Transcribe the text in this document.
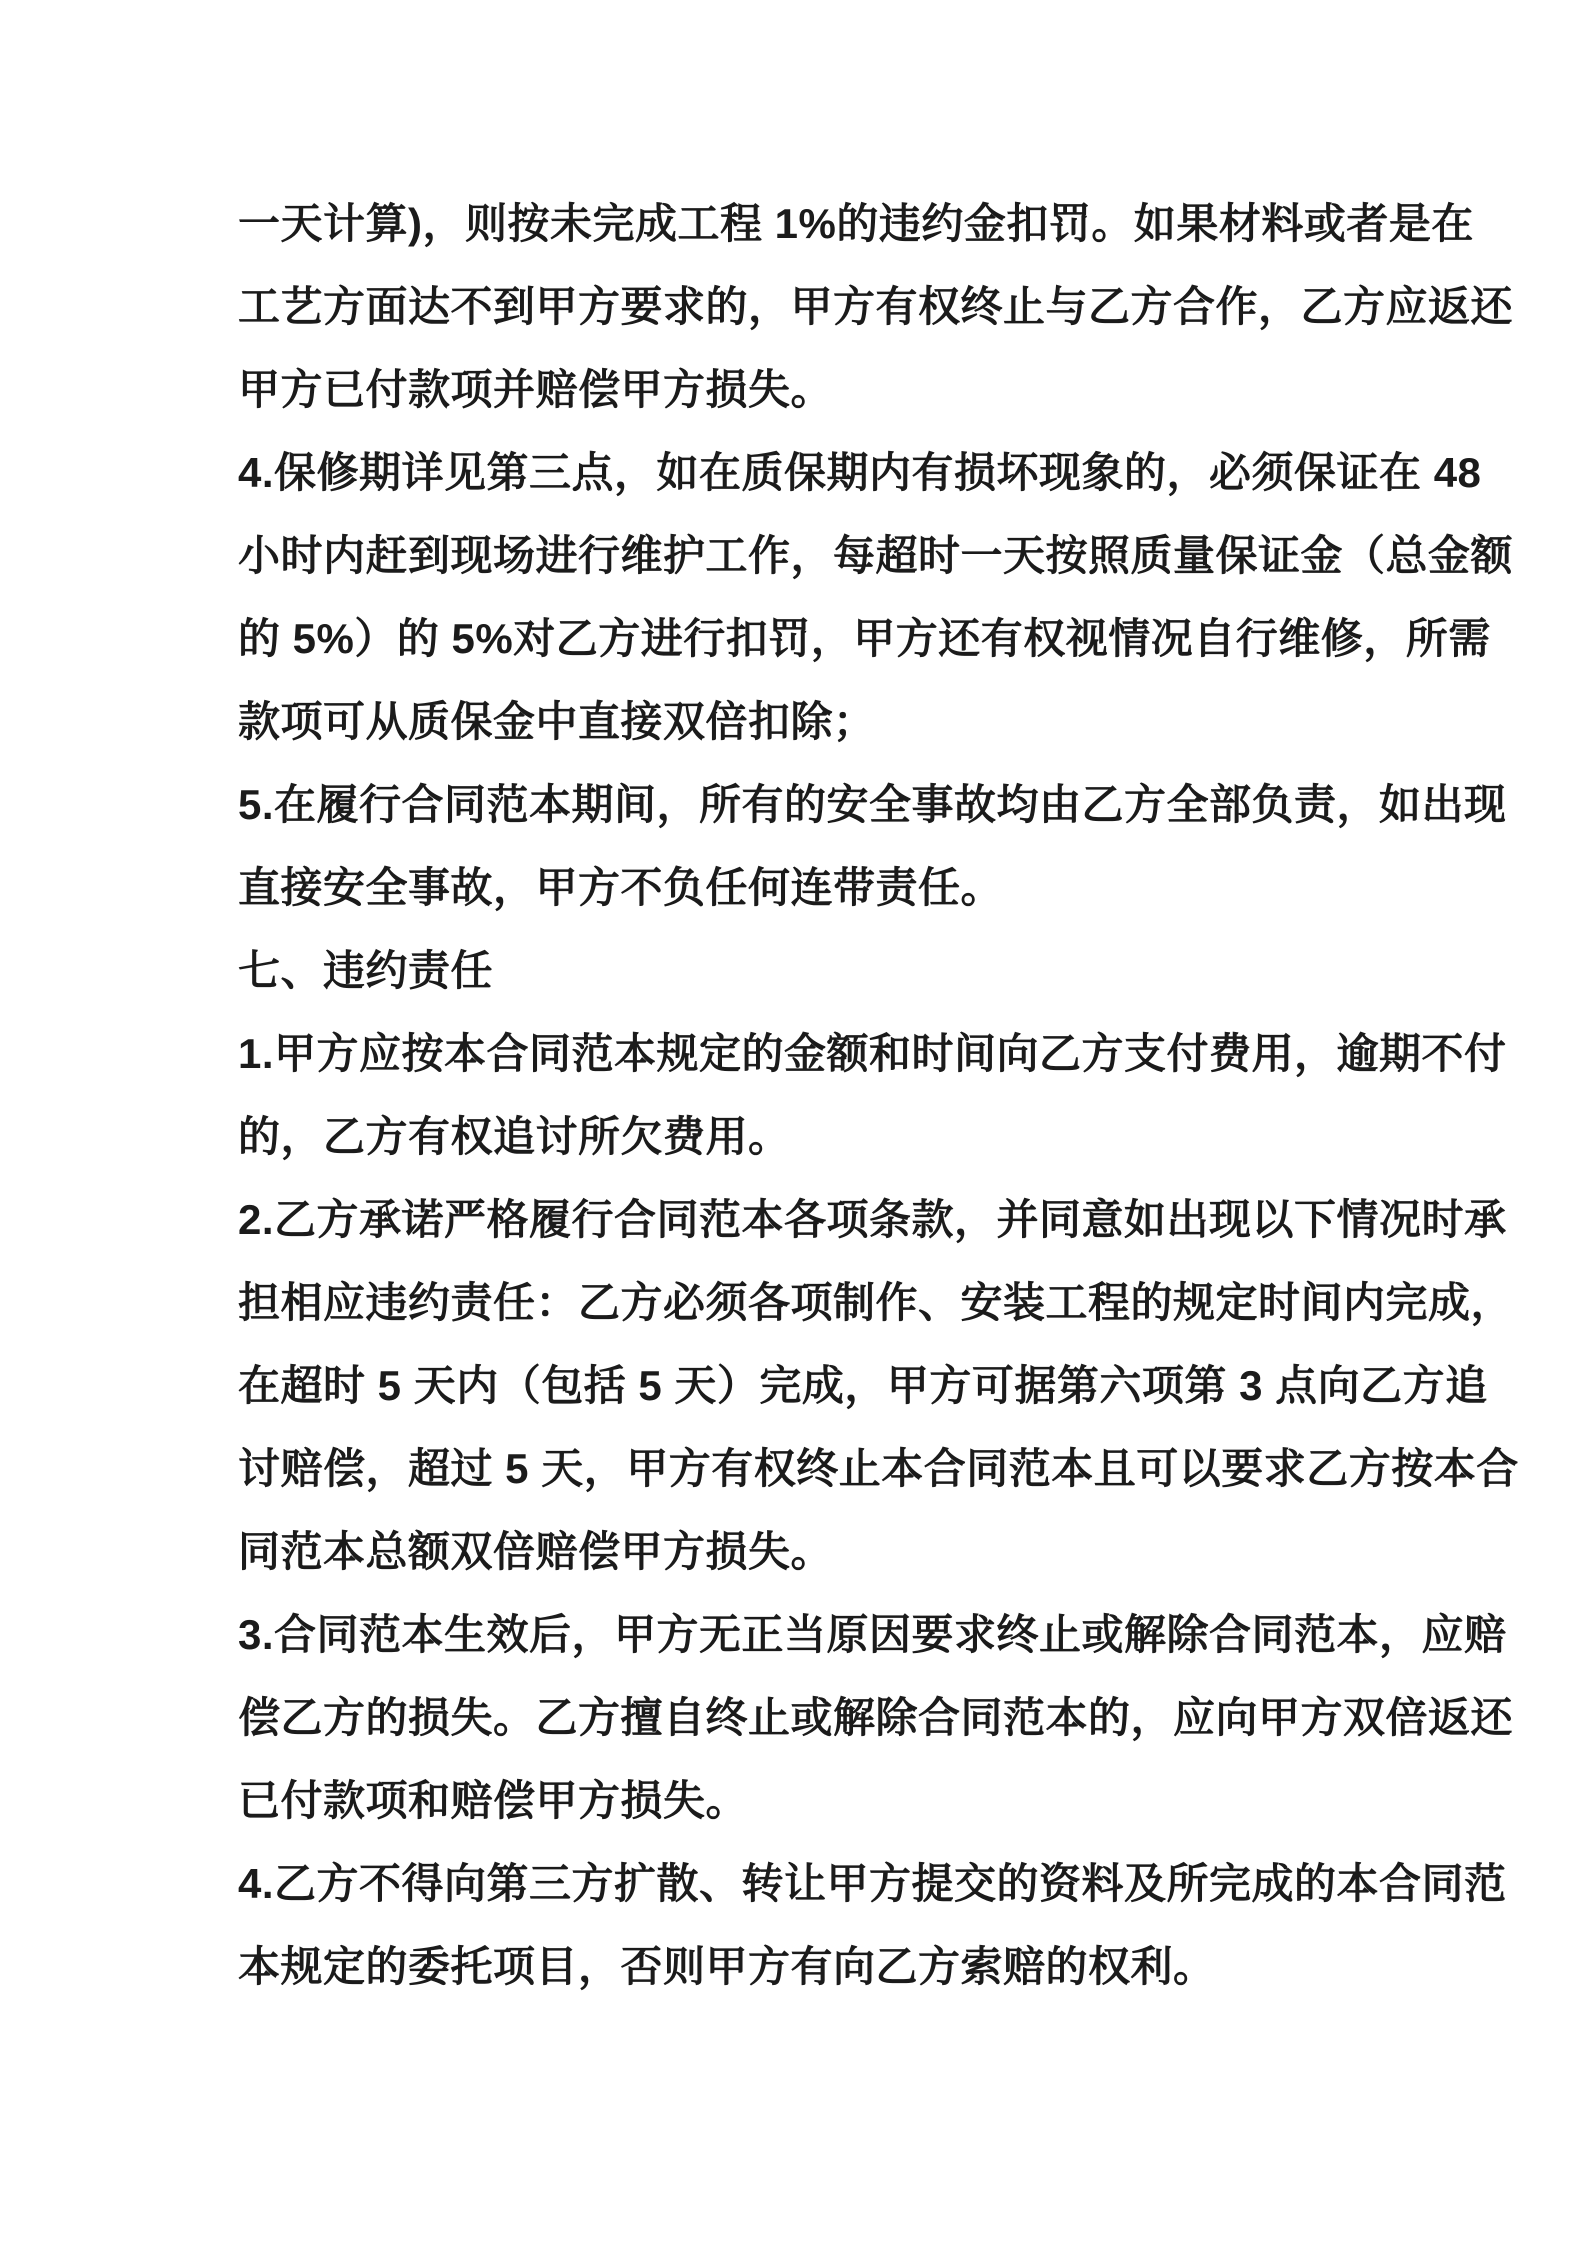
一天计算)，则按未完成工程 1%的违约金扣罚。如果材料或者是在
工艺方面达不到甲方要求的，甲方有权终止与乙方合作，乙方应返还
甲方已付款项并赔偿甲方损失。
4.保修期详见第三点，如在质保期内有损坏现象的，必须保证在 48
小时内赶到现场进行维护工作，每超时一天按照质量保证金（总金额
的 5%）的 5%对乙方进行扣罚，甲方还有权视情况自行维修，所需
款项可从质保金中直接双倍扣除；
5.在履行合同范本期间，所有的安全事故均由乙方全部负责，如出现
直接安全事故，甲方不负任何连带责任。
七、违约责任
1.甲方应按本合同范本规定的金额和时间向乙方支付费用，逾期不付
的，乙方有权追讨所欠费用。
2.乙方承诺严格履行合同范本各项条款，并同意如出现以下情况时承
担相应违约责任：乙方必须各项制作、安装工程的规定时间内完成，
在超时 5 天内（包括 5 天）完成，甲方可据第六项第 3 点向乙方追
讨赔偿，超过 5 天，甲方有权终止本合同范本且可以要求乙方按本合
同范本总额双倍赔偿甲方损失。
3.合同范本生效后，甲方无正当原因要求终止或解除合同范本，应赔
偿乙方的损失。乙方擅自终止或解除合同范本的，应向甲方双倍返还
已付款项和赔偿甲方损失。
4.乙方不得向第三方扩散、转让甲方提交的资料及所完成的本合同范
本规定的委托项目，否则甲方有向乙方索赔的权利。
